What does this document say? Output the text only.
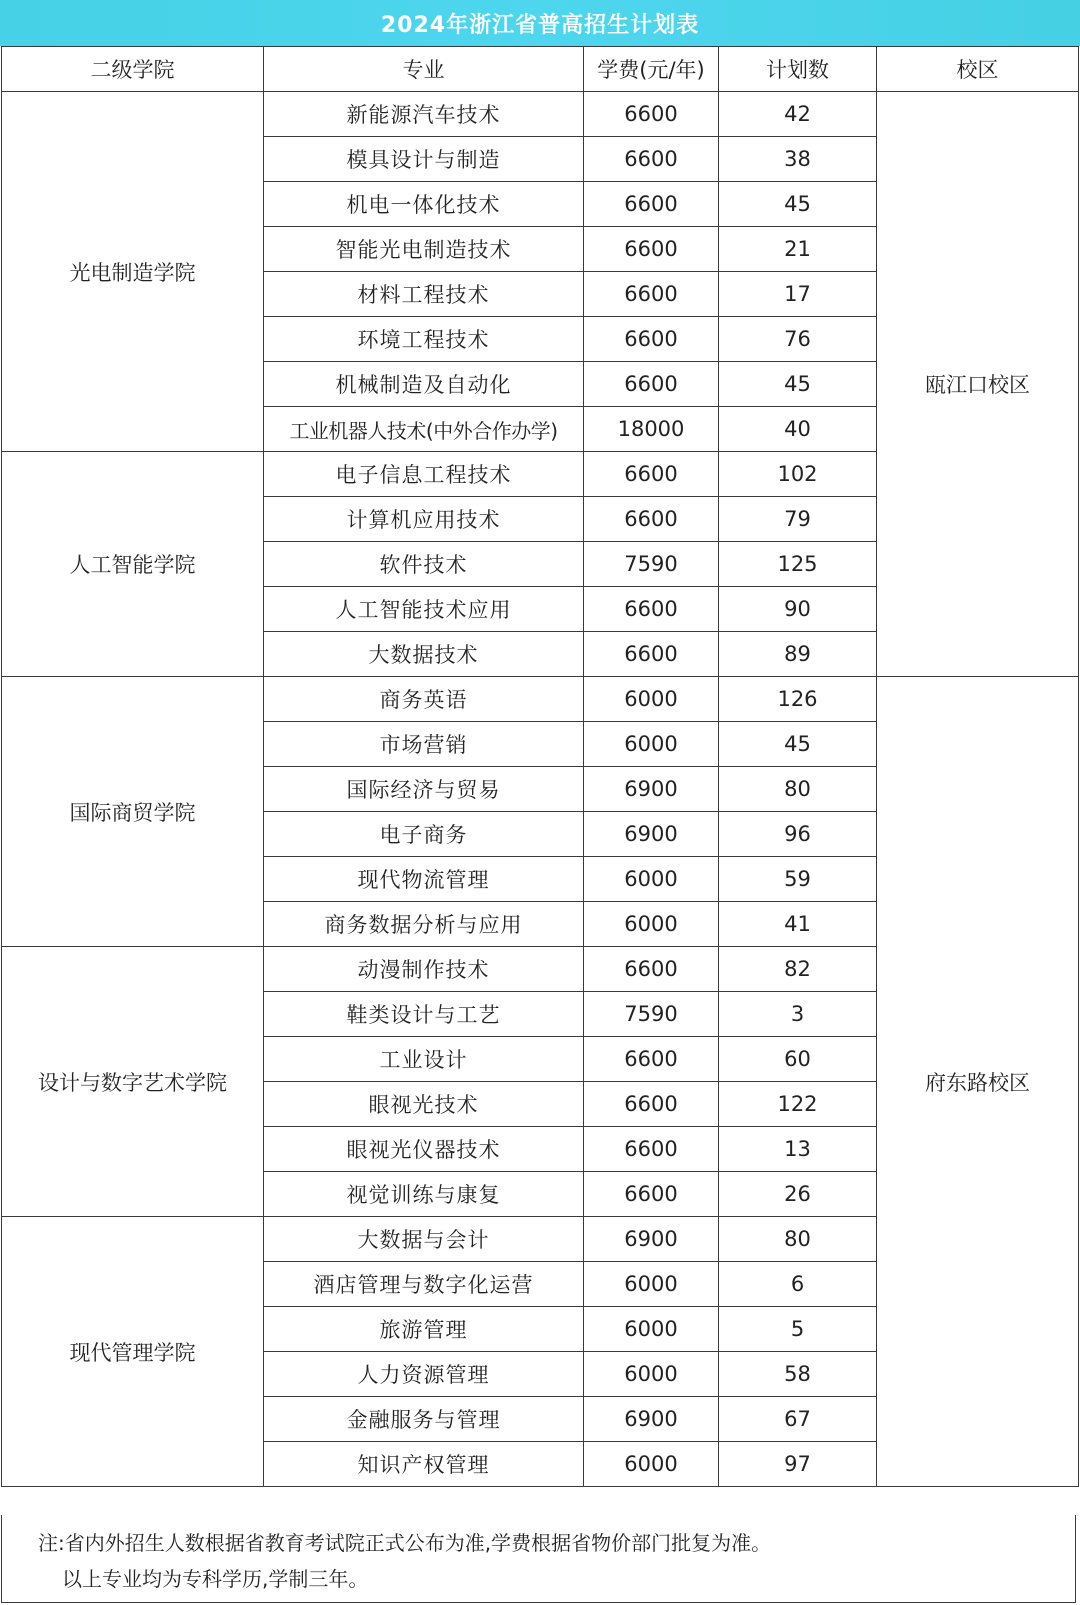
2024年浙江省普高招生计划表
二级学院	专业	学费(元/年)	计划数	校区
光电制造学院	新能源汽车技术	6600	42	瓯江口校区
	模具设计与制造	6600	38	
	机电一体化技术	6600	45	
	智能光电制造技术	6600	21	
	材料工程技术	6600	17	
	环境工程技术	6600	76	
	机械制造及自动化	6600	45	
	工业机器人技术(中外合作办学)	18000	40	
人工智能学院	电子信息工程技术	6600	102	
	计算机应用技术	6600	79	
	软件技术	7590	125	
	人工智能技术应用	6600	90	
	大数据技术	6600	89	
国际商贸学院	商务英语	6000	126	府东路校区
	市场营销	6000	45	
	国际经济与贸易	6900	80	
	电子商务	6900	96	
	现代物流管理	6000	59	
	商务数据分析与应用	6000	41	
设计与数字艺术学院	动漫制作技术	6600	82	
	鞋类设计与工艺	7590	3	
	工业设计	6600	60	
	眼视光技术	6600	122	
	眼视光仪器技术	6600	13	
	视觉训练与康复	6600	26	
现代管理学院	大数据与会计	6900	80	
	酒店管理与数字化运营	6000	6	
	旅游管理	6000	5	
	人力资源管理	6000	58	
	金融服务与管理	6900	67	
	知识产权管理	6000	97	
注:省内外招生人数根据省教育考试院正式公布为准,学费根据省物价部门批复为准。
以上专业均为专科学历,学制三年。
